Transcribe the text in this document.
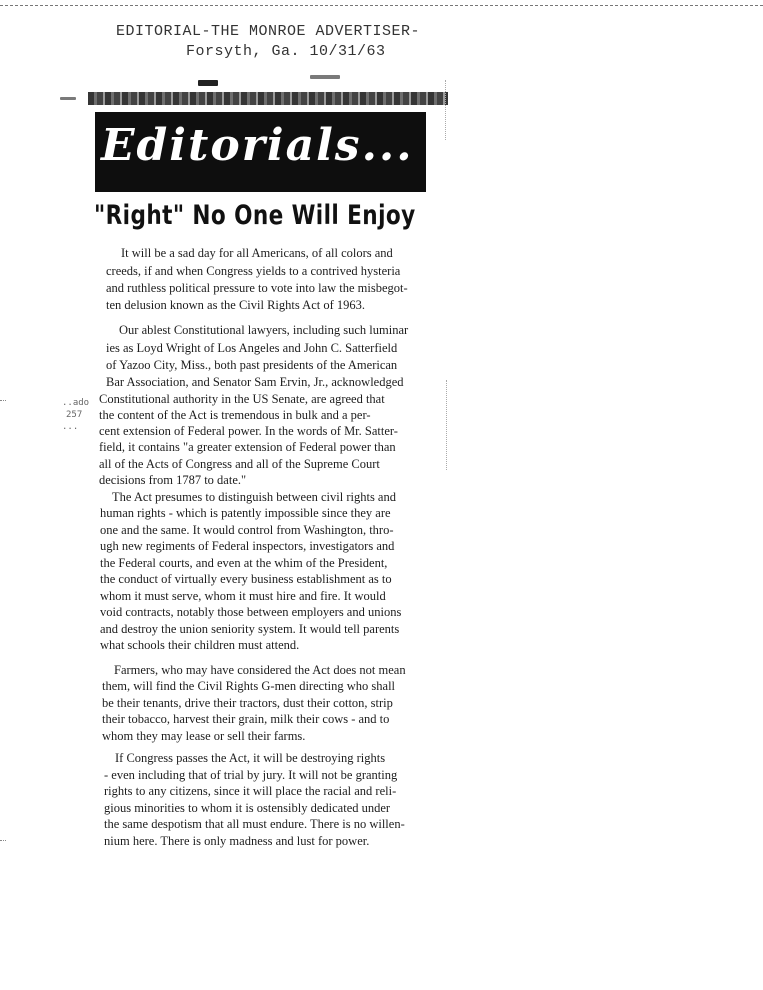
EDITORIAL-THE MONROE ADVERTISER-
Forsyth, Ga. 10/31/63
Editorials...
"Right" No One Will Enjoy
It will be a sad day for all Americans, of all colors and
creeds, if and when Congress yields to a contrived hysteria
and ruthless political pressure to vote into law the misbegot-
ten delusion known as the Civil Rights Act of 1963.
Our ablest Constitutional lawyers, including such luminar
ies as Loyd Wright of Los Angeles and John C. Satterfield
of Yazoo City, Miss., both past presidents of the American
Bar Association, and Senator Sam Ervin, Jr., acknowledged
Constitutional authority in the US Senate, are agreed that
the content of the Act is tremendous in bulk and a per-
cent extension of Federal power. In the words of Mr. Satter-
field, it contains "a greater extension of Federal power than
all of the Acts of Congress and all of the Supreme Court
decisions from 1787 to date."
The Act presumes to distinguish between civil rights and
human rights - which is patently impossible since they are
one and the same. It would control from Washington, thro-
ugh new regiments of Federal inspectors, investigators and
the Federal courts, and even at the whim of the President,
the conduct of virtually every business establishment as to
whom it must serve, whom it must hire and fire. It would
void contracts, notably those between employers and unions
and destroy the union seniority system. It would tell parents
what schools their children must attend.
Farmers, who may have considered the Act does not mean
them, will find the Civil Rights G-men directing who shall
be their tenants, drive their tractors, dust their cotton, strip
their tobacco, harvest their grain, milk their cows - and to
whom they may lease or sell their farms.
If Congress passes the Act, it will be destroying rights
- even including that of trial by jury. It will not be granting
rights to any citizens, since it will place the racial and reli-
gious minorities to whom it is ostensibly dedicated under
the same despotism that all must endure. There is no willen-
nium here. There is only madness and lust for power.
..ado
257
...
